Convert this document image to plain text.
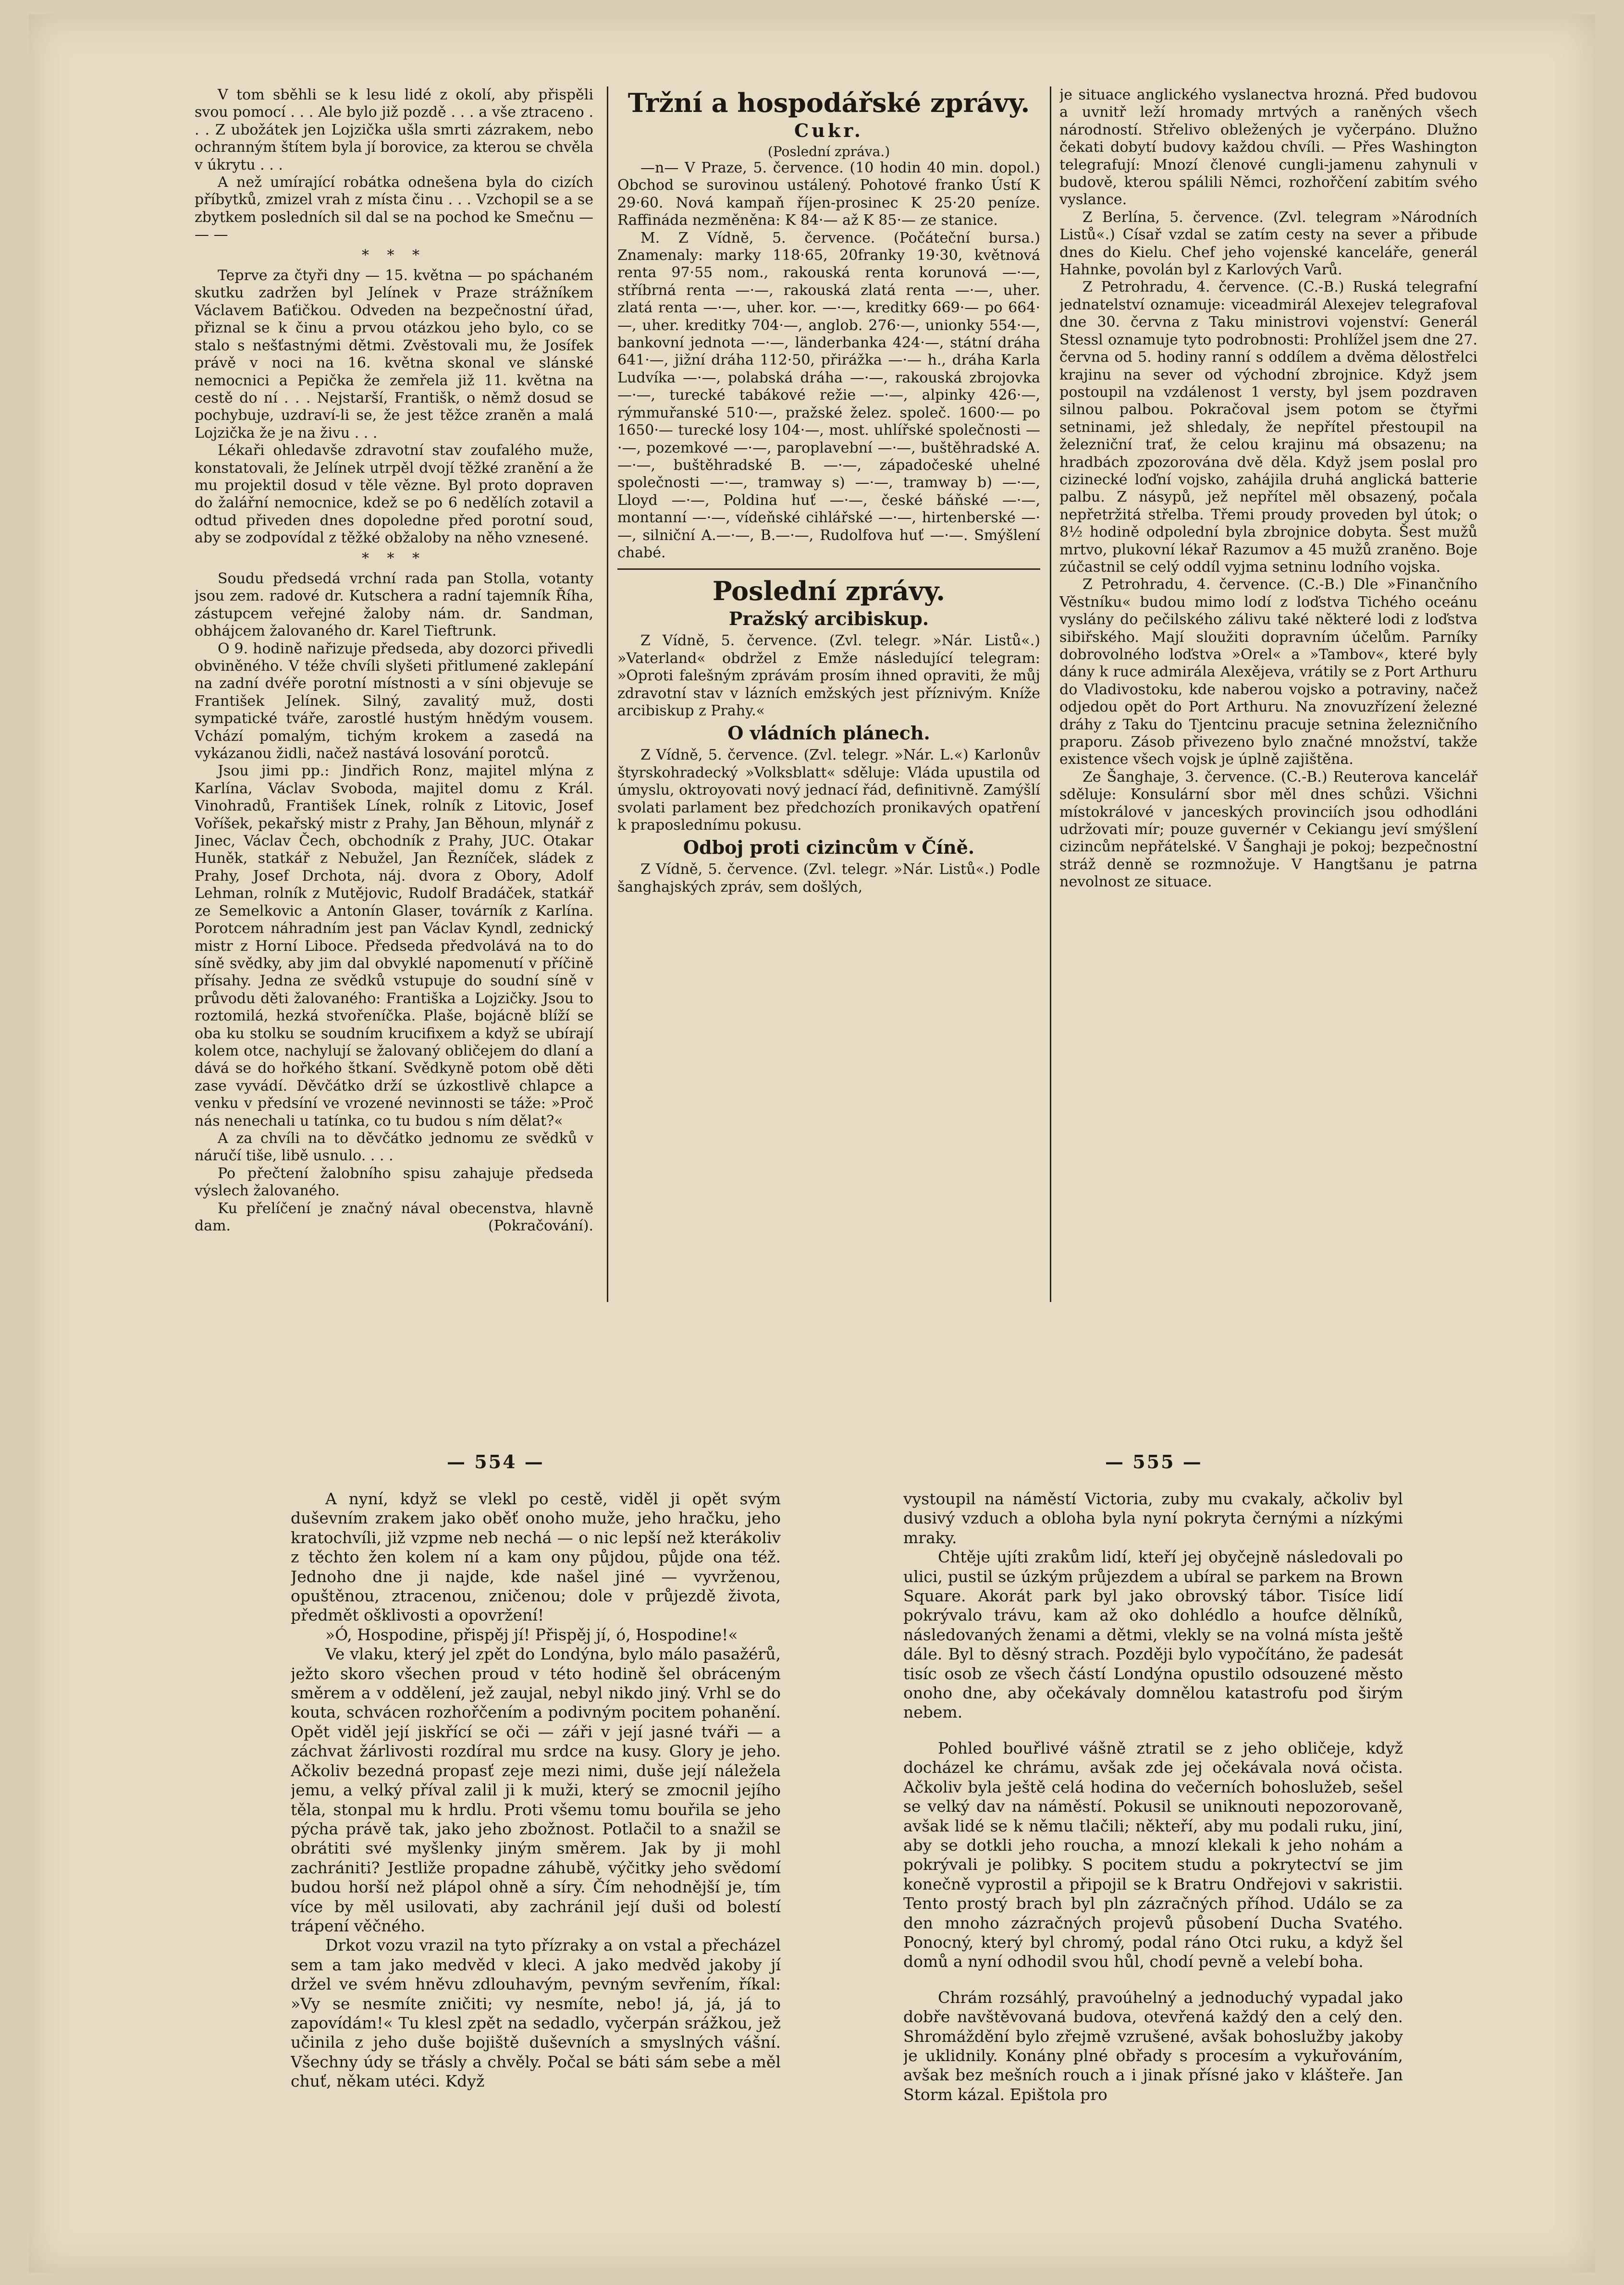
V tom sběhli se k lesu lidé z okolí, aby přispěli svou pomocí . . . Ale bylo již pozdě . . . a vše ztraceno . . . Z ubožátek jen Lojzička ušla smrti zázrakem, nebo ochranným štítem byla jí borovice, za kterou se chvěla v úkrytu . . .

A než umírající robátka odnešena byla do cizích příbytků, zmizel vrah z místa činu . . . Vzchopil se a se zbytkem posledních sil dal se na pochod ke Smečnu — — —

* * *

Teprve za čtyři dny — 15. května — po spáchaném skutku zadržen byl Jelínek v Praze strážníkem Václavem Baťičkou. Odveden na bezpečnostní úřad, přiznal se k činu a prvou otázkou jeho bylo, co se stalo s nešťastnými dětmi. Zvěstovali mu, že Josífek právě v noci na 16. května skonal ve slánské nemocnici a Pepička že zemřela již 11. května na cestě do ní . . . Nejstarší, Františk, o němž dosud se pochybuje, uzdraví-li se, že jest těžce zraněn a malá Lojzička že je na živu . . .

Lékaři ohledavše zdravotní stav zoufalého muže, konstatovali, že Jelínek utrpěl dvojí těžké zranění a že mu projektil dosud v těle vězne. Byl proto dopraven do žalářní nemocnice, kdež se po 6 nedělích zotavil a odtud přiveden dnes dopoledne před porotní soud, aby se zodpovídal z těžké obžaloby na něho vznesené.

* * *

Soudu předsedá vrchní rada pan Stolla, votanty jsou zem. radové dr. Kutschera a radní tajemník Říha, zástupcem veřejné žaloby nám. dr. Sandman, obhájcem žalovaného dr. Karel Tieftrunk.

O 9. hodině nařizuje předseda, aby dozorci přivedli obviněného. V téže chvíli slyšeti přitlumené zaklepání na zadní dvéře porotní místnosti a v síni objevuje se František Jelínek. Silný, zavalitý muž, dosti sympatické tváře, zarostlé hustým hnědým vousem. Vchází pomalým, tichým krokem a zasedá na vykázanou židli, načež nastává losování porotců.

Jsou jimi pp.: Jindřich Ronz, majitel mlýna z Karlína, Václav Svoboda, majitel domu z Král. Vinohradů, František Línek, rolník z Litovic, Josef Voříšek, pekařský mistr z Prahy, Jan Běhoun, mlynář z Jinec, Václav Čech, obchodník z Prahy, JUC. Otakar Huněk, statkář z Nebužel, Jan Řezníček, sládek z Prahy, Josef Drchota, náj. dvora z Obory, Adolf Lehman, rolník z Mutějovic, Rudolf Bradáček, statkář ze Semelkovic a Antonín Glaser, továrník z Karlína. Porotcem náhradním jest pan Václav Kyndl, zednický mistr z Horní Liboce. Předseda předvolává na to do síně svědky, aby jim dal obvyklé napomenutí v příčině přísahy. Jedna ze svědků vstupuje do soudní síně v průvodu děti žalovaného: Františka a Lojzičky. Jsou to roztomilá, hezká stvořeníčka. Plaše, bojácně blíží se oba ku stolku se soudním krucifixem a když se ubírají kolem otce, nachylují se žalovaný obličejem do dlaní a dává se do hořkého štkaní. Svědkyně potom obě děti zase vyvádí. Děvčátko drží se úzkostlivě chlapce a venku v předsíní ve vrozené nevinnosti se táže: »Proč nás nenechali u tatínka, co tu budou s ním dělat?«

A za chvíli na to děvčátko jednomu ze svědků v náručí tiše, libě usnulo. . . .

Po přečtení žalobního spisu zahajuje předseda výslech žalovaného.

Ku přelíčení je značný nával obecenstva, hlavně dam.	(Pokračování).

Tržní a hospodářské zprávy.
Cukr.
(Poslední zpráva.)

—n— V Praze, 5. července. (10 hodin 40 min. dopol.) Obchod se surovinou ustálený. Pohotové franko Ústí K 29·60. Nová kampaň říjen-prosinec K 25·20 peníze. Raffináda nezměněna: K 84·— až K 85·— ze stanice.

M. Z Vídně, 5. července. (Počáteční bursa.) Znamenaly: marky 118·65, 20franky 19·30, květnová renta 97·55 nom., rakouská renta korunová —·—, stříbrná renta —·—, rakouská zlatá renta —·—, uher. zlatá renta —·—, uher. kor. —·—, kreditky 669·— po 664·—, uher. kreditky 704·—, anglob. 276·—, unionky 554·—, bankovní jednota —·—, länderbanka 424·—, státní dráha 641·—, jižní dráha 112·50, přirážka —·— h., dráha Karla Ludvíka —·—, polabská dráha —·—, rakouská zbrojovka —·—, turecké tabákové režie —·—, alpinky 426·—, rýmmuřanské 510·—, pražské želez. společ. 1600·— po 1650·— turecké losy 104·—, most. uhlířské společnosti —·—, pozemkové —·—, paroplavební —·—, buštěhradské A. —·—, buštěhradské B. —·—, západočeské uhelné společnosti —·—, tramway s) —·—, tramway b) —·—, Lloyd —·—, Poldina huť —·—, české báňské —·—, montanní —·—, vídeňské cihlářské —·—, hirtenberské —·—, silniční A.—·—, B.—·—, Rudolfova huť —·—. Smýšlení chabé.

Poslední zprávy.
Pražský arcibiskup.

Z Vídně, 5. července. (Zvl. telegr. »Nár. Listů«.) »Vaterland« obdržel z Emže následující telegram: »Oproti falešným zprávám prosím ihned opraviti, že můj zdravotní stav v lázních emžských jest příznivým. Kníže arcibiskup z Prahy.«

O vládních plánech.

Z Vídně, 5. července. (Zvl. telegr. »Nár. L.«) Karlonův štyrskohradecký »Volksblatt« sděluje: Vláda upustila od úmyslu, oktroyovati nový jednací řád, definitivně. Zamýšlí svolati parlament bez předchozích pronikavých opatření k praposlednímu pokusu.

Odboj proti cizincům v Číně.

Z Vídně, 5. července. (Zvl. telegr. »Nár. Listů«.) Podle šanghajských zpráv, sem došlých,

je situace anglického vyslanectva hrozná. Před budovou a uvnitř leží hromady mrtvých a raněných všech národností. Střelivo obležených je vyčerpáno. Dlužno čekati dobytí budovy každou chvíli. — Přes Washington telegrafují: Mnozí členové cungli-jamenu zahynuli v budově, kterou spálili Němci, rozhořčení zabitím svého vyslance.

Z Berlína, 5. července. (Zvl. telegram »Národních Listů«.) Císař vzdal se zatím cesty na sever a přibude dnes do Kielu. Chef jeho vojenské kanceláře, generál Hahnke, povolán byl z Karlových Varů.

Z Petrohradu, 4. července. (C.-B.) Ruská telegrafní jednatelství oznamuje: viceadmirál Alexejev telegrafoval dne 30. června z Taku ministrovi vojenství: Generál Stessl oznamuje tyto podrobnosti: Prohlížel jsem dne 27. června od 5. hodiny ranní s oddílem a dvěma dělostřelci krajinu na sever od východní zbrojnice. Když jsem postoupil na vzdálenost 1 versty, byl jsem pozdraven silnou palbou. Pokračoval jsem potom se čtyřmi setninami, jež shledaly, že nepřítel přestoupil na železniční trať, že celou krajinu má obsazenu; na hradbách zpozorována dvě děla. Když jsem poslal pro cizinecké loďní vojsko, zahájila druhá anglická batterie palbu. Z násypů, jež nepřítel měl obsazený, počala nepřetržitá střelba. Třemi proudy proveden byl útok; o 8½ hodině odpolední byla zbrojnice dobyta. Šest mužů mrtvo, plukovní lékař Razumov a 45 mužů zraněno. Boje zúčastnil se celý oddíl vyjma setninu lodního vojska.

Z Petrohradu, 4. července. (C.-B.) Dle »Finančního Věstníku« budou mimo lodí z loďstva Tichého oceánu vyslány do pečilského zálivu také některé lodi z loďstva sibiřského. Mají sloužiti dopravním účelům. Parníky dobrovolného loďstva »Orel« a »Tambov«, které byly dány k ruce admirála Alexějeva, vrátily se z Port Arthuru do Vladivostoku, kde naberou vojsko a potraviny, načež odjedou opět do Port Arthuru. Na znovuzřízení železné dráhy z Taku do Tjentcinu pracuje setnina železničního praporu. Zásob přivezeno bylo značné množství, takže existence všech vojsk je úplně zajištěna.

Ze Šanghaje, 3. července. (C.-B.) Reuterova kancelář sděluje: Konsulární sbor měl dnes schůzi. Všichni místokrálové v janceských provinciích jsou odhodláni udržovati mír; pouze guvernér v Cekiangu jeví smýšlení cizincům nepřátelské. V Šanghaji je pokoj; bezpečnostní stráž denně se rozmnožuje. V Hangtšanu je patrna nevolnost ze situace.

— 554 —

A nyní, když se vlekl po cestě, viděl ji opět svým duševním zrakem jako oběť onoho muže, jeho hračku, jeho kratochvíli, již vzpme neb nechá — o nic lepší než kterákoliv z těchto žen kolem ní a kam ony půjdou, půjde ona též. Jednoho dne ji najde, kde našel jiné — vyvrženou, opuštěnou, ztracenou, zničenou; dole v průjezdě života, předmět ošklivosti a opovržení!

»Ó, Hospodine, přispěj jí! Přispěj jí, ó, Hospodine!«

Ve vlaku, který jel zpět do Londýna, bylo málo pasažérů, ježto skoro všechen proud v této hodině šel obráceným směrem a v oddělení, jež zaujal, nebyl nikdo jiný. Vrhl se do kouta, schvácen rozhořčením a podivným pocitem pohanění. Opět viděl její jiskřící se oči — záři v její jasné tváři — a záchvat žárlivosti rozdíral mu srdce na kusy. Glory je jeho. Ačkoliv bezedná propasť zeje mezi nimi, duše její náležela jemu, a velký příval zalil ji k muži, který se zmocnil jejího těla, stonpal mu k hrdlu. Proti všemu tomu bouřila se jeho pýcha právě tak, jako jeho zbožnost. Potlačil to a snažil se obrátiti své myšlenky jiným směrem. Jak by ji mohl zachrániti? Jestliže propadne záhubě, výčitky jeho svědomí budou horší než plápol ohně a síry. Čím nehodnější je, tím více by měl usilovati, aby zachránil její duši od bolestí trápení věčného.

Drkot vozu vrazil na tyto přízraky a on vstal a přecházel sem a tam jako medvěd v kleci. A jako medvěd jakoby jí držel ve svém hněvu zdlouhavým, pevným sevřením, říkal: »Vy se nesmíte zničiti; vy nesmíte, nebo! já, já, já to zapovídám!« Tu klesl zpět na sedadlo, vyčerpán srážkou, jež učinila z jeho duše bojiště duševních a smyslných vášní. Všechny údy se třásly a chvěly. Počal se báti sám sebe a měl chuť, někam utéci. Když

— 555 —

vystoupil na náměstí Victoria, zuby mu cvakaly, ačkoliv byl dusivý vzduch a obloha byla nyní pokryta černými a nízkými mraky.

Chtěje ujíti zrakům lidí, kteří jej obyčejně následovali po ulici, pustil se úzkým průjezdem a ubíral se parkem na Brown Square. Akorát park byl jako obrovský tábor. Tisíce lidí pokrývalo trávu, kam až oko dohlédlo a houfce dělníků, následovaných ženami a dětmi, vlekly se na volná místa ještě dále. Byl to děsný strach. Později bylo vypočítáno, že padesát tisíc osob ze všech částí Londýna opustilo odsouzené město onoho dne, aby očekávaly domnělou katastrofu pod širým nebem.

Pohled bouřlivé vášně ztratil se z jeho obličeje, když docházel ke chrámu, avšak zde jej očekávala nová očista. Ačkoliv byla ještě celá hodina do večerních bohoslužeb, sešel se velký dav na náměstí. Pokusil se uniknouti nepozorovaně, avšak lidé se k němu tlačili; někteří, aby mu podali ruku, jiní, aby se dotkli jeho roucha, a mnozí klekali k jeho nohám a pokrývali je polibky. S pocitem studu a pokrytectví se jim konečně vyprostil a připojil se k Bratru Ondřejovi v sakristii. Tento prostý brach byl pln zázračných příhod. Událo se za den mnoho zázračných projevů působení Ducha Svatého. Ponocný, který byl chromý, podal ráno Otci ruku, a když šel domů a nyní odhodil svou hůl, chodí pevně a velebí boha.

Chrám rozsáhlý, pravoúhelný a jednoduchý vypadal jako dobře navštěvovaná budova, otevřená každý den a celý den. Shromáždění bylo zřejmě vzrušené, avšak bohoslužby jakoby je uklidnily. Konány plné obřady s procesím a vykuřováním, avšak bez mešních rouch a i jinak přísné jako v klášteře. Jan Storm kázal. Epištola pro
